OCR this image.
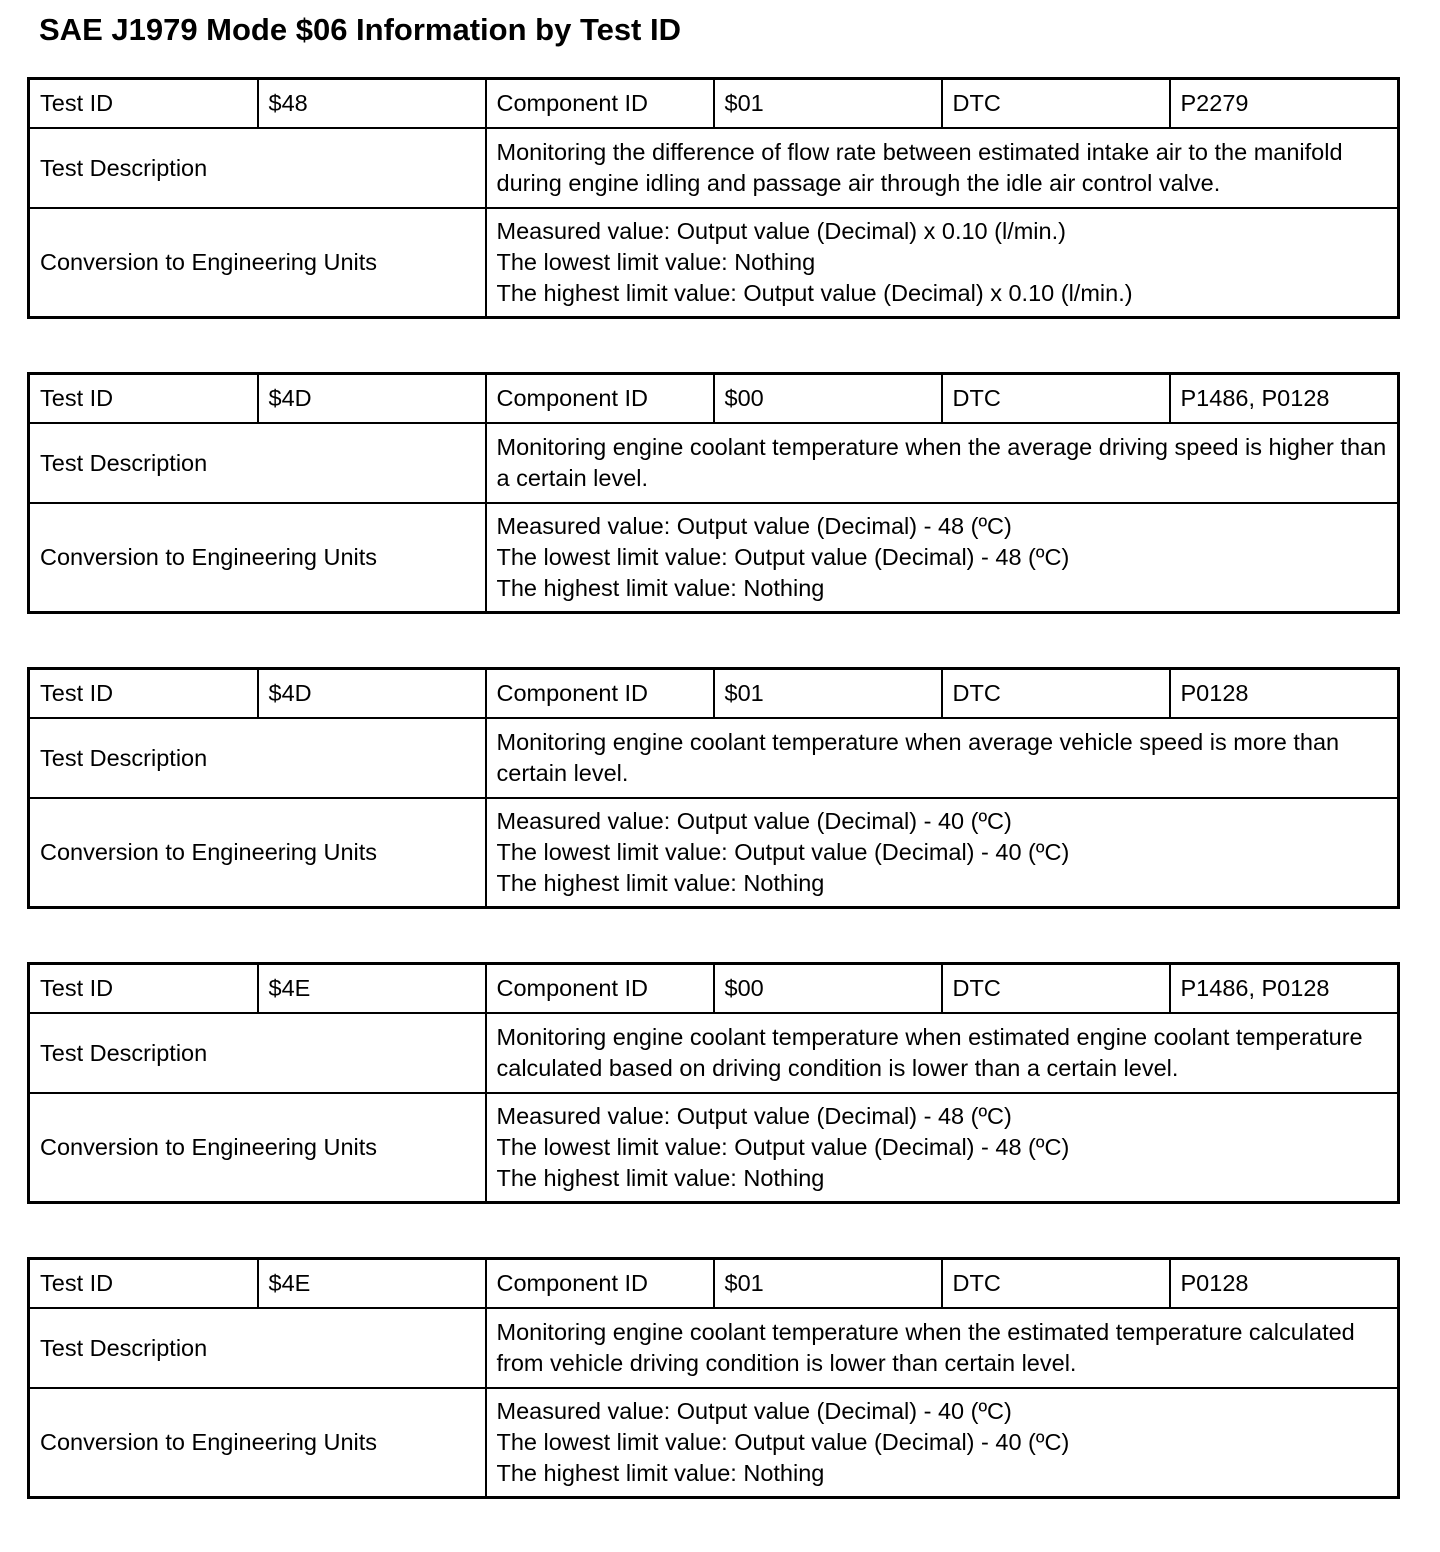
SAE J1979 Mode $06 Information by Test ID
Test ID	$48	Component ID	$01	DTC	P2279
Test Description		Monitoring the difference of flow rate between estimated intake air to the manifold during engine idling and passage air through the idle air control valve.			
Conversion to Engineering Units		Measured value: Output value (Decimal) x 0.10 (l/min.)
The lowest limit value: Nothing
The highest limit value: Output value (Decimal) x 0.10 (l/min.)			
Test ID	$4D	Component ID	$00	DTC	P1486, P0128
Test Description		Monitoring engine coolant temperature when the average driving speed is higher than a certain level.			
Conversion to Engineering Units		Measured value: Output value (Decimal) - 48 (ºC)
The lowest limit value: Output value (Decimal) - 48 (ºC)
The highest limit value: Nothing			
Test ID	$4D	Component ID	$01	DTC	P0128
Test Description		Monitoring engine coolant temperature when average vehicle speed is more than certain level.			
Conversion to Engineering Units		Measured value: Output value (Decimal) - 40 (ºC)
The lowest limit value: Output value (Decimal) - 40 (ºC)
The highest limit value: Nothing			
Test ID	$4E	Component ID	$00	DTC	P1486, P0128
Test Description		Monitoring engine coolant temperature when estimated engine coolant temperature calculated based on driving condition is lower than a certain level.			
Conversion to Engineering Units		Measured value: Output value (Decimal) - 48 (ºC)
The lowest limit value: Output value (Decimal) - 48 (ºC)
The highest limit value: Nothing			
Test ID	$4E	Component ID	$01	DTC	P0128
Test Description		Monitoring engine coolant temperature when the estimated temperature calculated from vehicle driving condition is lower than certain level.			
Conversion to Engineering Units		Measured value: Output value (Decimal) - 40 (ºC)
The lowest limit value: Output value (Decimal) - 40 (ºC)
The highest limit value: Nothing			
